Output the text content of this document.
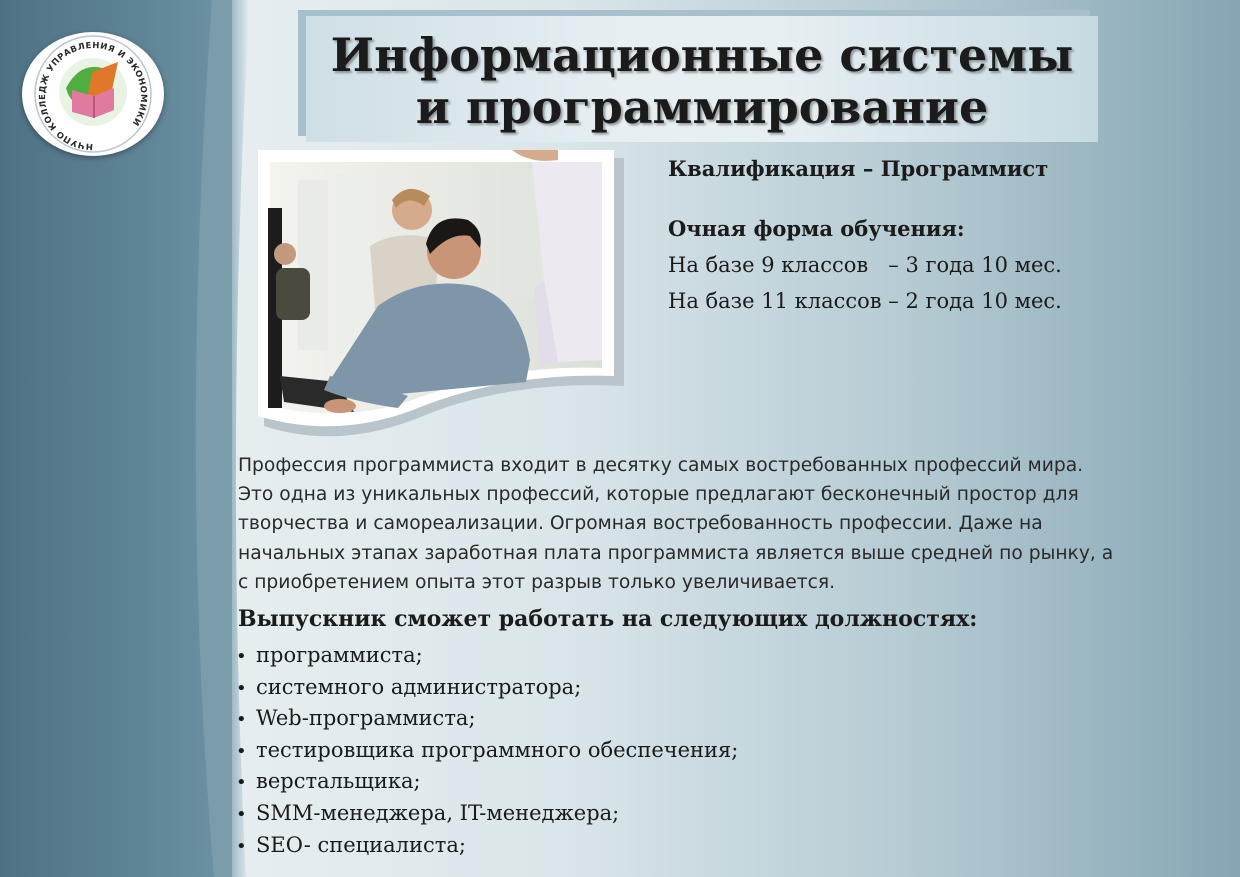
НЧУПО КОЛЛЕДЖ УПРАВЛЕНИЯ И ЭКОНОМИКИ
Информационные системы
и программирование
Квалификация – Программист
Очная форма обучения:
На базе 9 классов   – 3 года 10 мес.
На базе 11 классов – 2 года 10 мес.
Профессия программиста входит в десятку самых востребованных профессий мира.
Это одна из уникальных профессий, которые предлагают бесконечный простор для
творчества и самореализации. Огромная востребованность профессии. Даже на
начальных этапах заработная плата программиста является выше средней по рынку, а
с приобретением опыта этот разрыв только увеличивается.
Выпускник сможет работать на следующих должностях:
• программиста;
• системного администратора;
• Web-программиста;
• тестировщика программного обеспечения;
• верстальщика;
• SMM-менеджера, IT-менеджера;
• SEO- специалиста;
